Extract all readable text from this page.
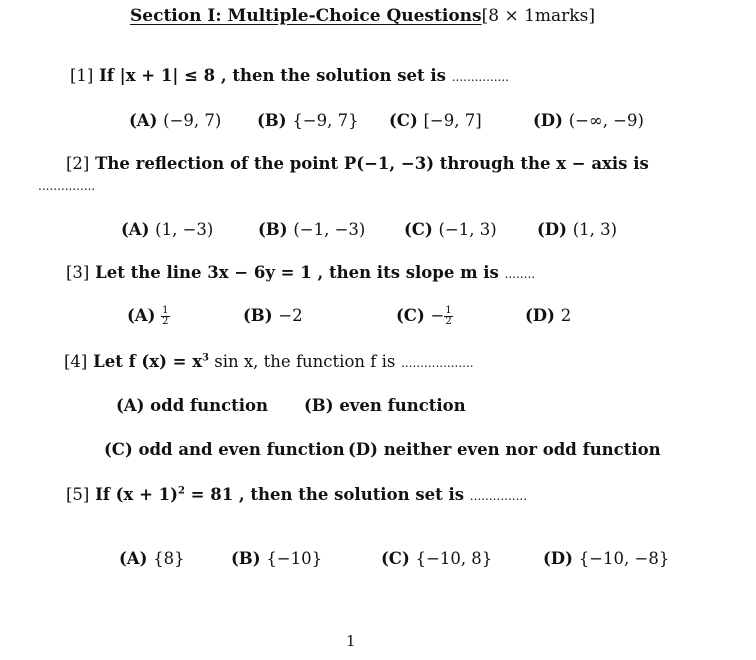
Section I: Multiple-Choice Questions[8 × 1marks]
[1] If |x + 1| ≤ 8 , then the solution set is ...............
(A) (−9, 7) (B) {−9, 7} (C) [−9, 7]	(D) (−∞, −9)
[2] The reflection of the point P(−1, −3) through the x − axis is
...............
(A) (1, −3)	(B) (−1, −3) (C) (−1, 3) (D) (1, 3)
[3] Let the line 3x − 6y = 1 , then its slope m is ........
$(A) \frac{1}{2}$	(B) −2	$(C) - \frac{1}{2}$	(D) 2
[4] Let f $(x) = x^3$ sin x, the function f is ...................
(A) odd function (B) even function
(C) odd and even function (D) neither even nor odd function
[5] If $(x + 1)^2 = 81$ , then the solution set is ...............
(A) {8}	(B) {−10}	(C) {−10, 8}	(D) {−10, −8}
1
